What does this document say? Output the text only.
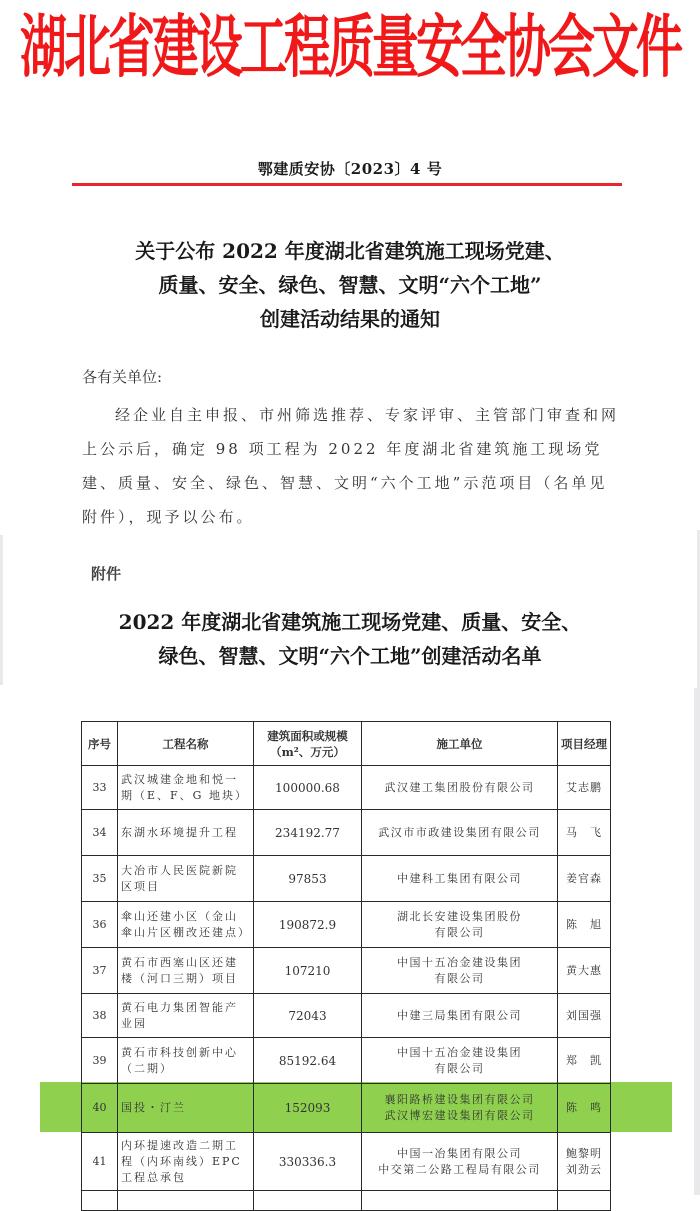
湖北省建设工程质量安全协会文件
鄂建质安协〔2023〕4 号
关于公布 2022 年度湖北省建筑施工现场党建、
质量、安全、绿色、智慧、文明“六个工地”
创建活动结果的通知
各有关单位:
经企业自主申报、市州筛选推荐、专家评审、主管部门审查和网上公示后，确定 98 项工程为 2022 年度湖北省建筑施工现场党建、质量、安全、绿色、智慧、文明“六个工地”示范项目（名单见附件），现予以公布。
附件
2022 年度湖北省建筑施工现场党建、质量、安全、
绿色、智慧、文明“六个工地”创建活动名单
序号	工程名称	建筑面积或规模（m²、万元）	施工单位	项目经理
33	武汉城建金地和悦一期（E、F、G 地块）	100000.68	武汉建工集团股份有限公司	艾志鹏
34	东湖水环境提升工程	234192.77	武汉市市政建设集团有限公司	马　飞
35	大冶市人民医院新院区项目	97853	中建科工集团有限公司	姜官森
36	傘山还建小区（金山傘山片区棚改还建点）	190872.9	湖北长安建设集团股份
有限公司	陈　旭
37	黄石市西塞山区还建楼（河口三期）项目	107210	中国十五冶金建设集团
有限公司	黄大惠
38	黄石电力集团智能产业园	72043	中建三局集团有限公司	刘国强
39	黄石市科技创新中心（二期）	85192.64	中国十五冶金建设集团
有限公司	郑　凯
40	国投・汀兰	152093	襄阳路桥建设集团有限公司
武汉博宏建设集团有限公司	陈　鸣
41	内环提速改造二期工程（内环南线）EPC 工程总承包	330336.3	中国一冶集团有限公司
中交第二公路工程局有限公司	鲍黎明 刘劲云
